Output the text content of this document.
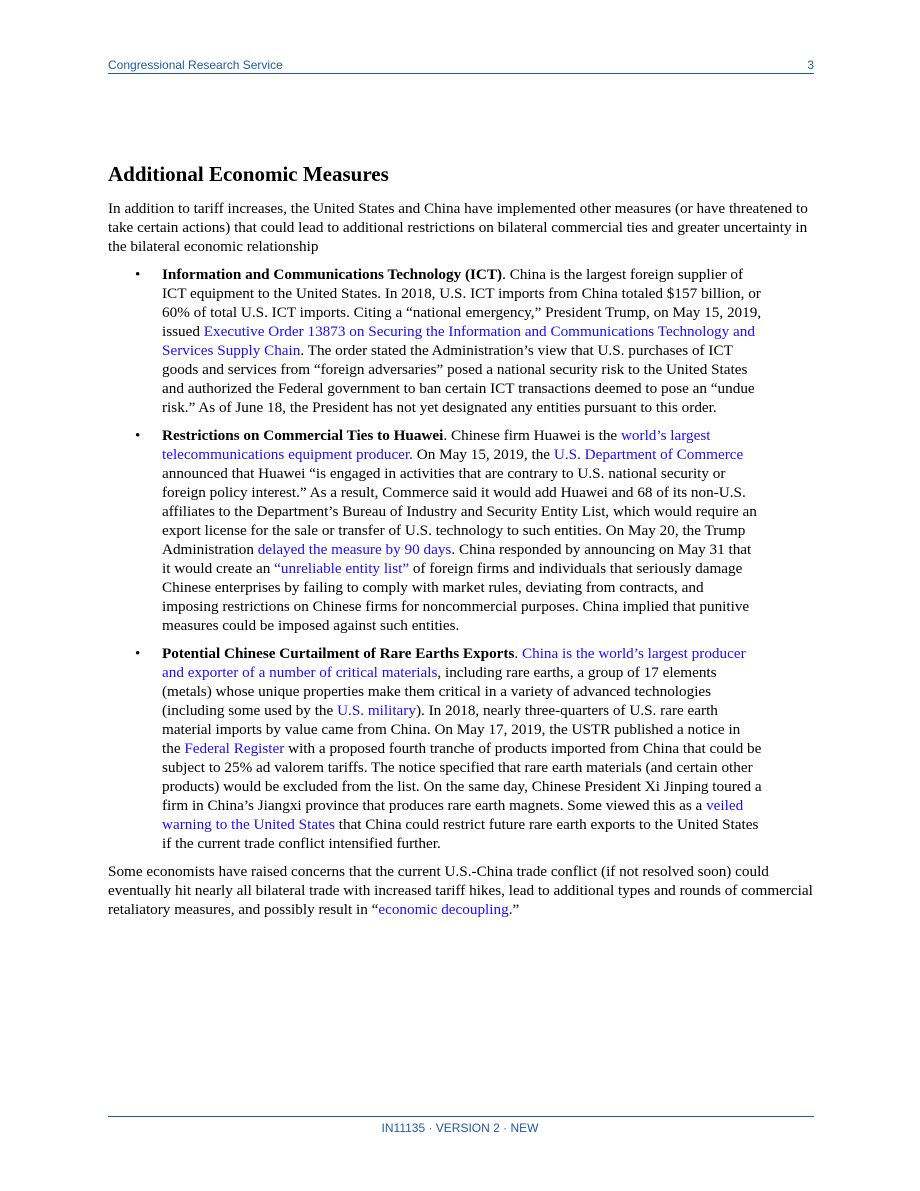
Congressional Research Service	3
Additional Economic Measures

In addition to tariff increases, the United States and China have implemented other measures (or have threatened to take certain actions) that could lead to additional restrictions on bilateral commercial ties and greater uncertainty in the bilateral economic relationship

• Information and Communications Technology (ICT). China is the largest foreign supplier of ICT equipment to the United States. In 2018, U.S. ICT imports from China totaled $157 billion, or 60% of total U.S. ICT imports. Citing a “national emergency,” President Trump, on May 15, 2019, issued Executive Order 13873 on Securing the Information and Communications Technology and Services Supply Chain. The order stated the Administration’s view that U.S. purchases of ICT goods and services from “foreign adversaries” posed a national security risk to the United States and authorized the Federal government to ban certain ICT transactions deemed to pose an “undue risk.” As of June 18, the President has not yet designated any entities pursuant to this order.
• Restrictions on Commercial Ties to Huawei. Chinese firm Huawei is the world’s largest telecommunications equipment producer. On May 15, 2019, the U.S. Department of Commerce announced that Huawei “is engaged in activities that are contrary to U.S. national security or foreign policy interest.” As a result, Commerce said it would add Huawei and 68 of its non-U.S. affiliates to the Department’s Bureau of Industry and Security Entity List, which would require an export license for the sale or transfer of U.S. technology to such entities. On May 20, the Trump Administration delayed the measure by 90 days. China responded by announcing on May 31 that it would create an “unreliable entity list” of foreign firms and individuals that seriously damage Chinese enterprises by failing to comply with market rules, deviating from contracts, and imposing restrictions on Chinese firms for noncommercial purposes. China implied that punitive measures could be imposed against such entities.
• Potential Chinese Curtailment of Rare Earths Exports. China is the world’s largest producer and exporter of a number of critical materials, including rare earths, a group of 17 elements (metals) whose unique properties make them critical in a variety of advanced technologies (including some used by the U.S. military). In 2018, nearly three-quarters of U.S. rare earth material imports by value came from China. On May 17, 2019, the USTR published a notice in the Federal Register with a proposed fourth tranche of products imported from China that could be subject to 25% ad valorem tariffs. The notice specified that rare earth materials (and certain other products) would be excluded from the list. On the same day, Chinese President Xi Jinping toured a firm in China’s Jiangxi province that produces rare earth magnets. Some viewed this as a veiled warning to the United States that China could restrict future rare earth exports to the United States if the current trade conflict intensified further.

Some economists have raised concerns that the current U.S.-China trade conflict (if not resolved soon) could eventually hit nearly all bilateral trade with increased tariff hikes, lead to additional types and rounds of commercial retaliatory measures, and possibly result in “economic decoupling.”

IN11135 · VERSION 2 · NEW
